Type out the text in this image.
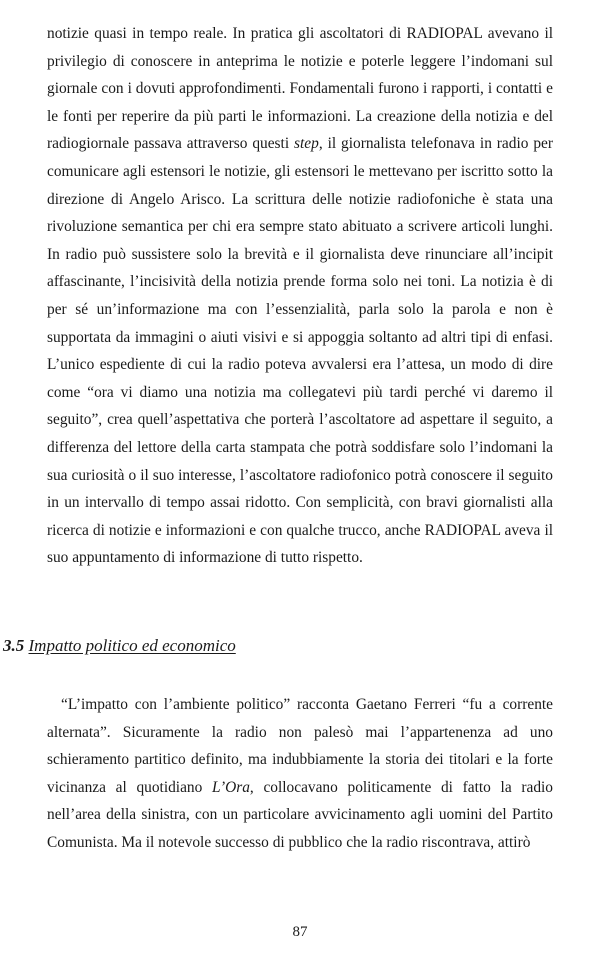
notizie quasi in tempo reale. In pratica gli ascoltatori di RADIOPAL avevano il privilegio di conoscere in anteprima le notizie e poterle leggere l’indomani sul giornale con i dovuti approfondimenti. Fondamentali furono i rapporti, i contatti e le fonti per reperire da più parti le informazioni. La creazione della notizia e del radiogiornale passava attraverso questi step, il giornalista telefonava in radio per comunicare agli estensori le notizie, gli estensori le mettevano per iscritto sotto la direzione di Angelo Arisco. La scrittura delle notizie radiofoniche è stata una rivoluzione semantica per chi era sempre stato abituato a scrivere articoli lunghi. In radio può sussistere solo la brevità e il giornalista deve rinunciare all’incipit affascinante, l’incisività della notizia prende forma solo nei toni. La notizia è di per sé un’informazione ma con l’essenzialità, parla solo la parola e non è supportata da immagini o aiuti visivi e si appoggia soltanto ad altri tipi di enfasi. L’unico espediente di cui la radio poteva avvalersi era l’attesa, un modo di dire come “ora vi diamo una notizia ma collegatevi più tardi perché vi daremo il seguito”, crea quell’aspettativa che porterà l’ascoltatore ad aspettare il seguito, a differenza del lettore della carta stampata che potrà soddisfare solo l’indomani la sua curiosità o il suo interesse, l’ascoltatore radiofonico potrà conoscere il seguito in un intervallo di tempo assai ridotto. Con semplicità, con bravi giornalisti alla ricerca di notizie e informazioni e con qualche trucco, anche RADIOPAL aveva il suo appuntamento di informazione di tutto rispetto.

3.5 Impatto politico ed economico

“L’impatto con l’ambiente politico” racconta Gaetano Ferreri “fu a corrente alternata”. Sicuramente la radio non palesò mai l’appartenenza ad uno schieramento partitico definito, ma indubbiamente la storia dei titolari e la forte vicinanza al quotidiano L’Ora, collocavano politicamente di fatto la radio nell’area della sinistra, con un particolare avvicinamento agli uomini del Partito Comunista. Ma il notevole successo di pubblico che la radio riscontrava, attirò

87
